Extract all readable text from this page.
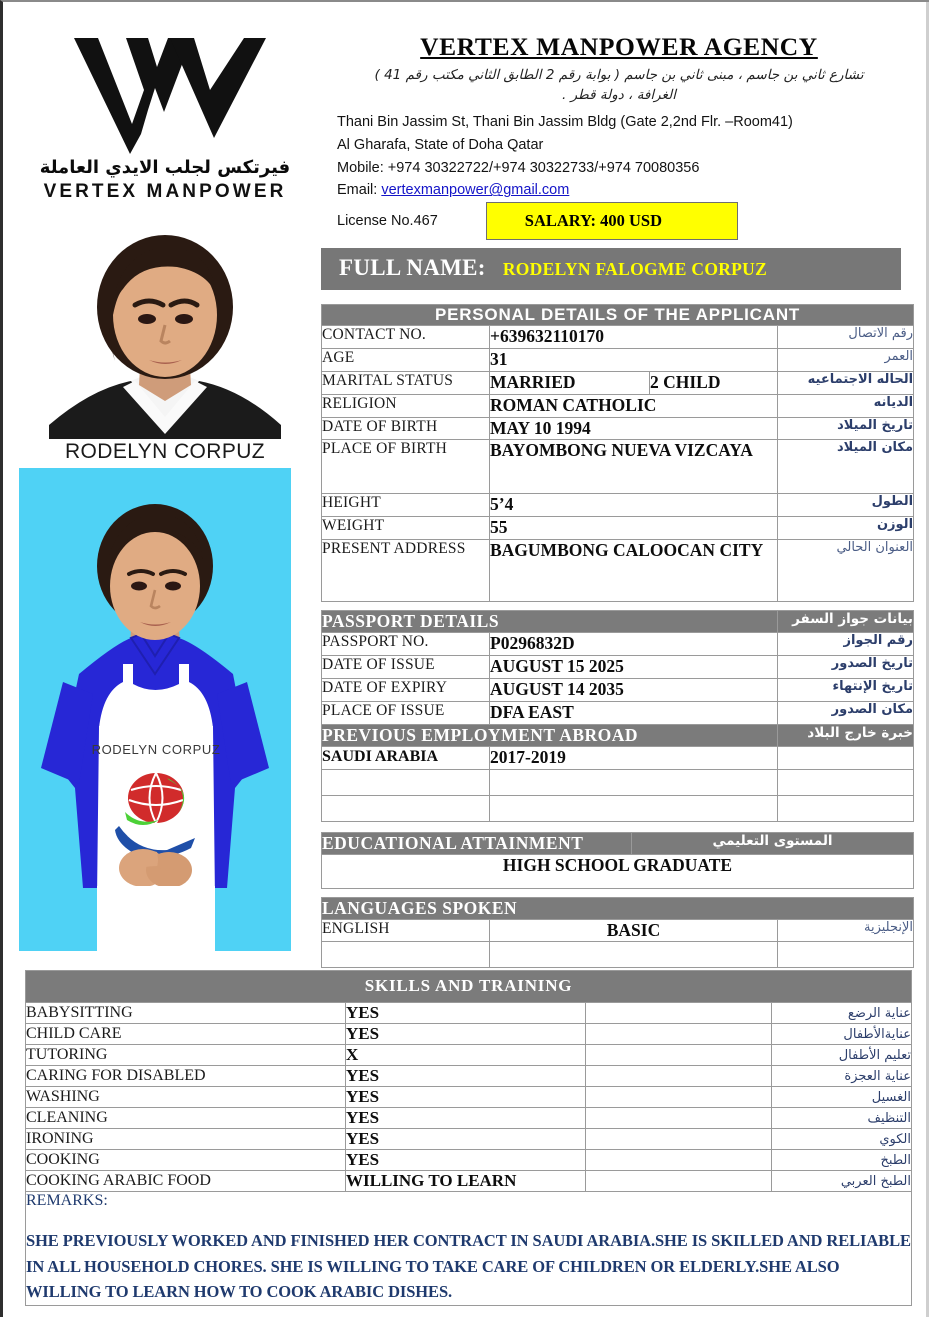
فيرتكس لجلب الايدي العاملة
VERTEX MANPOWER
RODELYN CORPUZ
RODELYN CORPUZ
VERTEX MANPOWER AGENCY
تشارع ثاني بن جاسم ، مبنى ثاني بن جاسم ( بوابة رقم 2 الطابق الثاني مكتب رقم 41 )
الغرافة ، دولة قطر .
Thani Bin Jassim St, Thani Bin Jassim Bldg (Gate 2,2nd Flr. –Room41)
Al Gharafa, State of Doha Qatar
Mobile: +974 30322722/+974 30322733/+974 70080356
Email: vertexmanpower@gmail.com
License No.467	SALARY: 400 USD
FULL NAME: RODELYN FALOGME CORPUZ
PERSONAL DETAILS OF THE APPLICANT			
CONTACT NO.	+639632110170		رقم الاتصال
AGE	31		العمر
MARITAL STATUS	MARRIED	2 CHILD	الحاله الاجتماعيه
RELIGION	ROMAN CATHOLIC		الديانه
DATE OF BIRTH	MAY 10 1994		تاريخ الميلاد
PLACE OF BIRTH	BAYOMBONG NUEVA VIZCAYA		مكان الميلاد
HEIGHT	5’4		الطول
WEIGHT	55		الوزن
PRESENT ADDRESS	BAGUMBONG CALOOCAN CITY		العنوان الحالي
PASSPORT DETAILS		بيانات جواز السفر
PASSPORT NO.	P0296832D	رقم الجواز
DATE OF ISSUE	AUGUST 15 2025	تاريخ الصدور
DATE OF EXPIRY	AUGUST 14 2035	تاريخ الإنتهاء
PLACE OF ISSUE	DFA EAST	مكان الصدور
PREVIOUS EMPLOYMENT ABROAD		خبرة خارج البلاد
SAUDI ARABIA	2017-2019	

EDUCATIONAL ATTAINMENT	المستوى التعليمي
HIGH SCHOOL GRADUATE
LANGUAGES SPOKEN		
ENGLISH	BASIC	الإنجليزية

SKILLS AND TRAINING			
BABYSITTING	YES		عناية الرضع
CHILD CARE	YES		عناية‌الأطفال
TUTORING	X		تعليم الأطفال
CARING FOR DISABLED	YES		عناية العجزة
WASHING	YES		الغسيل
CLEANING	YES		التنظيف
IRONING	YES		الكوي
COOKING	YES		الطبخ
COOKING ARABIC FOOD	WILLING TO LEARN		الطبخ العربي

REMARKS:
SHE PREVIOUSLY WORKED AND FINISHED HER CONTRACT IN SAUDI ARABIA.SHE IS SKILLED AND RELIABLE IN ALL HOUSEHOLD CHORES. SHE IS WILLING TO TAKE CARE OF CHILDREN OR ELDERLY.SHE ALSO WILLING TO LEARN HOW TO COOK ARABIC DISHES.			
